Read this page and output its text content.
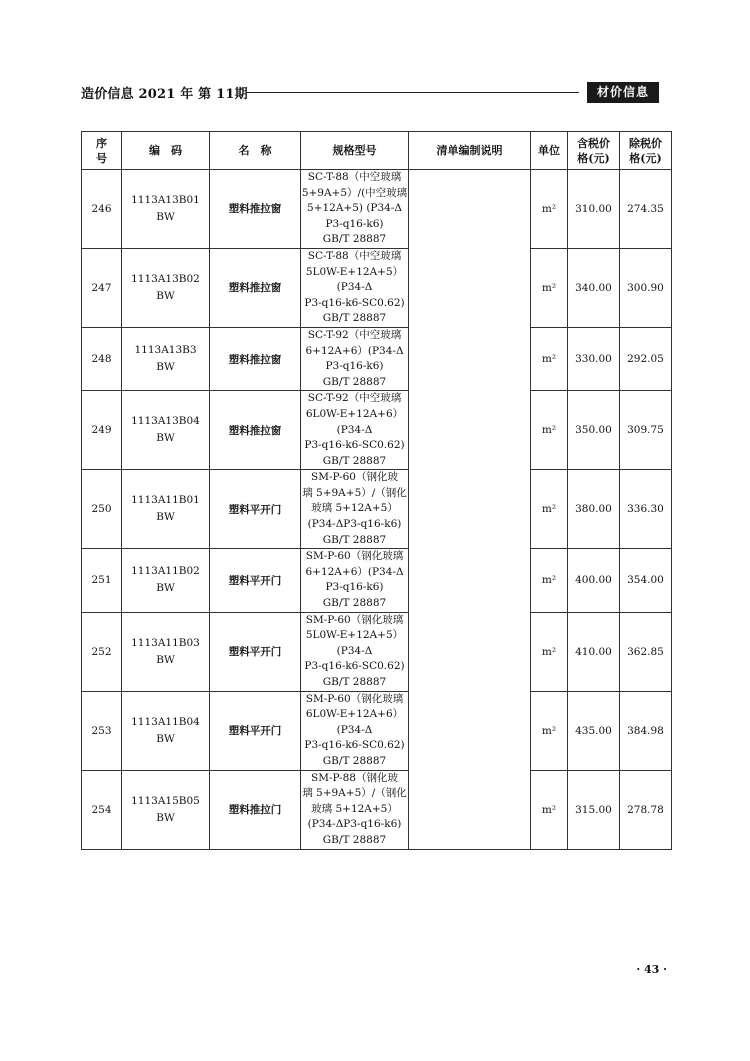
造价信息 2021 年 第 11期	材价信息
序
号	编　码	名　称	规格型号	清单编制说明	单位	含税价
格(元)	除税价
格(元)
246	1113A13B01
BW	塑料推拉窗	SC-T-88（中空玻璃
5+9A+5）/(中空玻璃
5+12A+5) (P34-Δ
P3-q16-k6)
GB/T 28887		m²	310.00	274.35
247	1113A13B02
BW	塑料推拉窗	SC-T-88（中空玻璃
5L0W-E+12A+5）
(P34-Δ
P3-q16-k6-SC0.62)
GB/T 28887		m²	340.00	300.90
248	1113A13B3
BW	塑料推拉窗	SC-T-92（中空玻璃
6+12A+6）(P34-Δ
P3-q16-k6)
GB/T 28887		m²	330.00	292.05
249	1113A13B04
BW	塑料推拉窗	SC-T-92（中空玻璃
6L0W-E+12A+6）
(P34-Δ
P3-q16-k6-SC0.62)
GB/T 28887		m²	350.00	309.75
250	1113A11B01
BW	塑料平开门	SM-P-60（钢化玻
璃 5+9A+5）/（钢化
玻璃 5+12A+5）
(P34-ΔP3-q16-k6)
GB/T 28887		m²	380.00	336.30
251	1113A11B02
BW	塑料平开门	SM-P-60（钢化玻璃
6+12A+6）(P34-Δ
P3-q16-k6)
GB/T 28887		m²	400.00	354.00
252	1113A11B03
BW	塑料平开门	SM-P-60（钢化玻璃
5L0W-E+12A+5）
(P34-Δ
P3-q16-k6-SC0.62)
GB/T 28887		m²	410.00	362.85
253	1113A11B04
BW	塑料平开门	SM-P-60（钢化玻璃
6L0W-E+12A+6）
(P34-Δ
P3-q16-k6-SC0.62)
GB/T 28887		m²	435.00	384.98
254	1113A15B05
BW	塑料推拉门	SM-P-88（钢化玻
璃 5+9A+5）/（钢化
玻璃 5+12A+5）
(P34-ΔP3-q16-k6)
GB/T 28887		m²	315.00	278.78
· 43 ·
